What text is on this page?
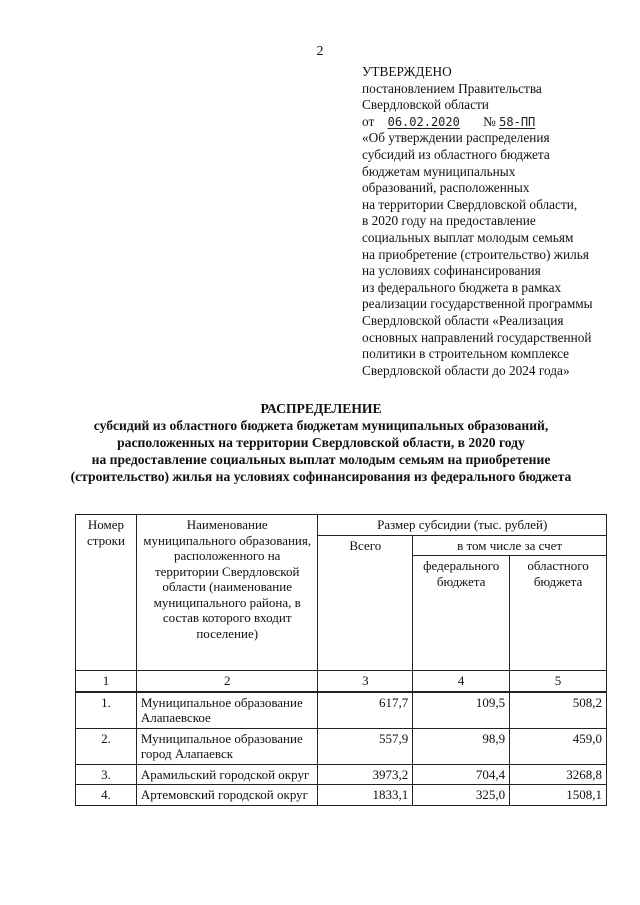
2
УТВЕРЖДЕНО
постановлением Правительства
Свердловской области
от 06.02.2020 № 58-ПП
«Об утверждении распределения
субсидий из областного бюджета
бюджетам муниципальных
образований, расположенных
на территории Свердловской области,
в 2020 году на предоставление
социальных выплат молодым семьям
на приобретение (строительство) жилья
на условиях софинансирования
из федерального бюджета в рамках
реализации государственной программы
Свердловской области «Реализация
основных направлений государственной
политики в строительном комплексе
Свердловской области до 2024 года»
РАСПРЕДЕЛЕНИЕ
субсидий из областного бюджета бюджетам муниципальных образований,
расположенных на территории Свердловской области, в 2020 году
на предоставление социальных выплат молодым семьям на приобретение
(строительство) жилья на условиях софинансирования из федерального бюджета
Номер строки	Наименование муниципального образования, расположенного на территории Свердловской области (наименование муниципального района, в состав которого входит поселение)	Размер субсидии (тыс. рублей)		
		Всего	в том числе за счет	
			федерального бюджета	областного бюджета
1	2	3	4	5
1.	Муниципальное образование Алапаевское	617,7	109,5	508,2
2.	Муниципальное образование город Алапаевск	557,9	98,9	459,0
3.	Арамильский городской округ	3973,2	704,4	3268,8
4.	Артемовский городской округ	1833,1	325,0	1508,1
